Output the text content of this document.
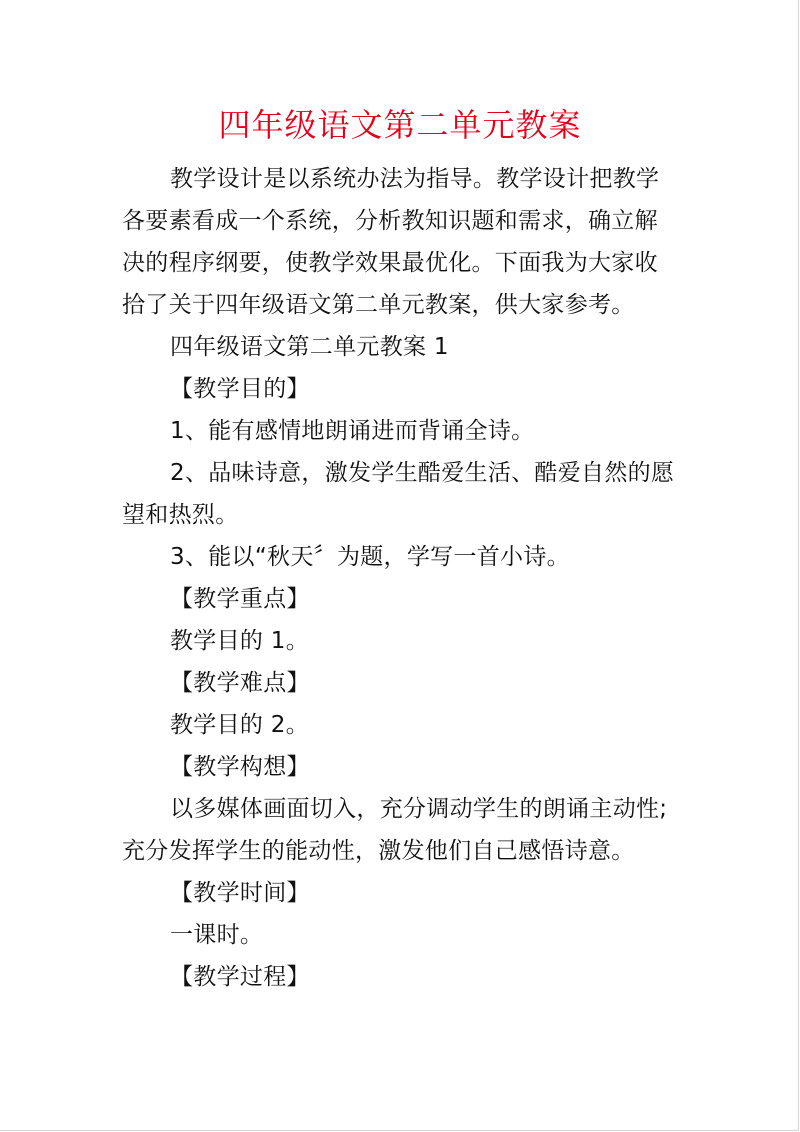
四年级语文第二单元教案

教学设计是以系统办法为指导。教学设计把教学

各要素看成一个系统，分析教知识题和需求，确立解

决的程序纲要，使教学效果最优化。下面我为大家收

拾了关于四年级语文第二单元教案，供大家参考。

四年级语文第二单元教案 1

【教学目的】

1、能有感情地朗诵进而背诵全诗。

2、品味诗意，激发学生酷爱生活、酷爱自然的愿

望和热烈。

3、能以“秋天〞为题，学写一首小诗。

【教学重点】

教学目的 1。

【教学难点】

教学目的 2。

【教学构想】

以多媒体画面切入，充分调动学生的朗诵主动性;

充分发挥学生的能动性，激发他们自己感悟诗意。

【教学时间】

一课时。

【教学过程】
